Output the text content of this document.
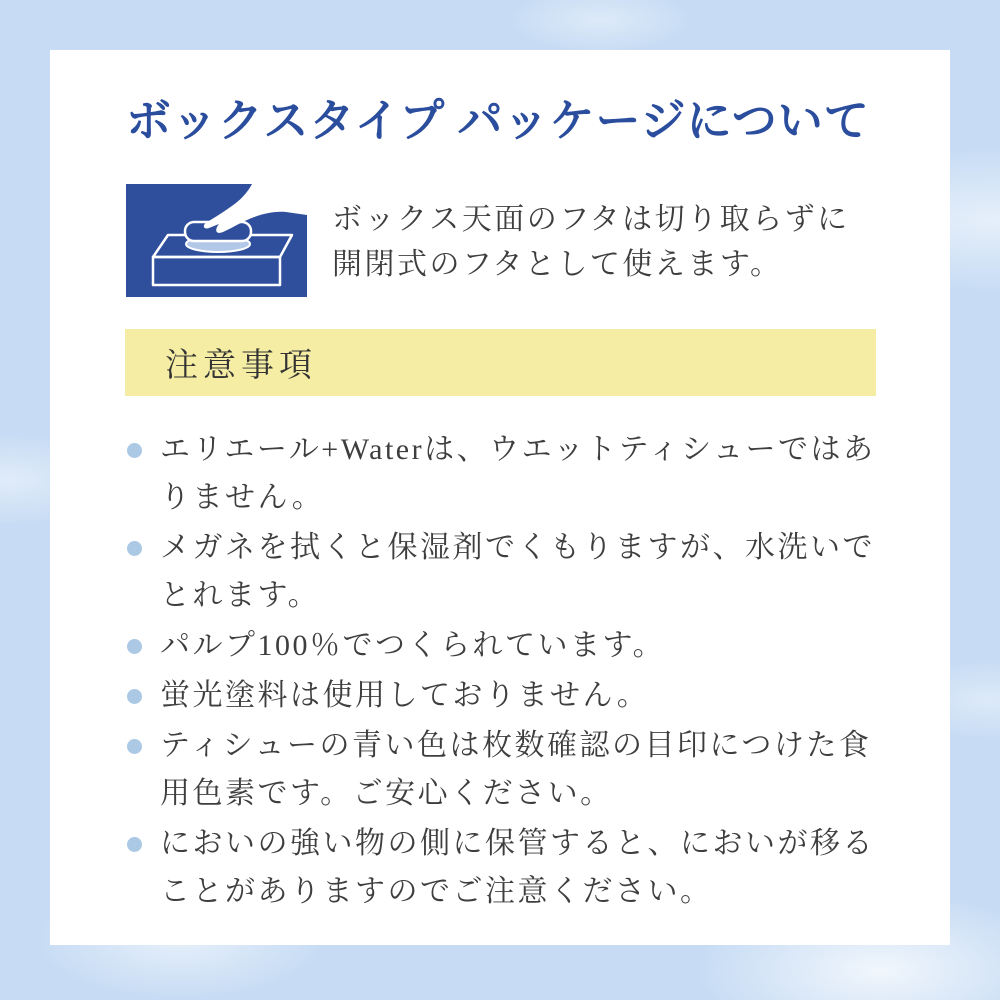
ボックスタイプ パッケージについて
ボックス天面のフタは切り取らずに
開閉式のフタとして使えます。
注意事項
エリエール+Waterは、ウエットティシューではありません。
メガネを拭くと保湿剤でくもりますが、水洗いでとれます。
パルプ100％でつくられています。
蛍光塗料は使用しておりません。
ティシューの青い色は枚数確認の目印につけた食用色素です。ご安心ください。
においの強い物の側に保管すると、においが移ることがありますのでご注意ください。
